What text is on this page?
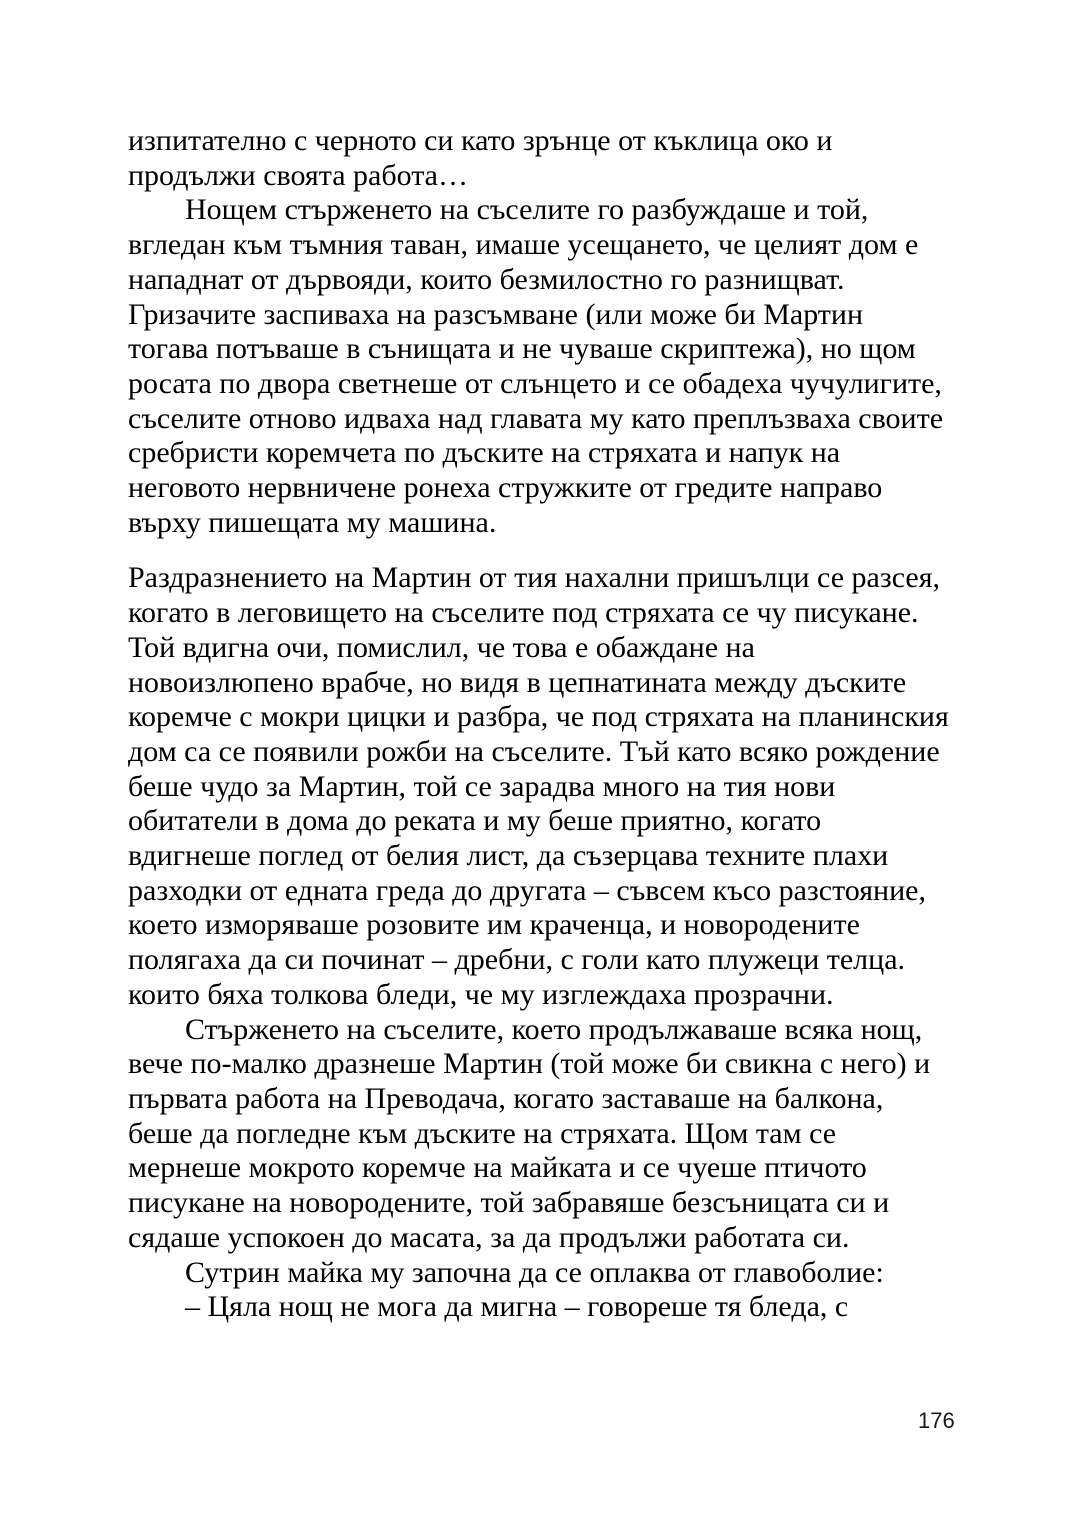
изпитателно с черното си като зрънце от къклица око и
продължи своята работа…
Нощем стърженето на съселите го разбуждаше и той,
вгледан към тъмния таван, имаше усещането, че целият дом е
нападнат от дървояди, които безмилостно го разнищват.
Гризачите заспиваха на разсъмване (или може би Мартин
тогава потъваше в сънищата и не чуваше скриптежа), но щом
росата по двора светнеше от слънцето и се обадеха чучулигите,
съселите отново идваха над главата му като преплъзваха своите
сребристи коремчета по дъските на стряхата и напук на
неговото нервничене ронеха стружките от гредите направо
върху пишещата му машина.
Раздразнението на Мартин от тия нахални пришълци се разсея,
когато в леговището на съселите под стряхата се чу писукане.
Той вдигна очи, помислил, че това е обаждане на
новоизлюпено врабче, но видя в цепнатината между дъските
коремче с мокри цицки и разбра, че под стряхата на планинския
дом са се появили рожби на съселите. Тъй като всяко рождение
беше чудо за Мартин, той се зарадва много на тия нови
обитатели в дома до реката и му беше приятно, когато
вдигнеше поглед от белия лист, да съзерцава техните плахи
разходки от едната греда до другата – съвсем късо разстояние,
което изморяваше розовите им краченца, и новородените
полягаха да си починат – дребни, с голи като плужеци телца.
които бяха толкова бледи, че му изглеждаха прозрачни.
Стърженето на съселите, което продължаваше всяка нощ,
вече по-малко дразнеше Мартин (той може би свикна с него) и
първата работа на Преводача, когато заставаше на балкона,
беше да погледне към дъските на стряхата. Щом там се
мернеше мокрото коремче на майката и се чуеше птичото
писукане на новородените, той забравяше безсъницата си и
сядаше успокоен до масата, за да продължи работата си.
Сутрин майка му започна да се оплаква от главоболие:
– Цяла нощ не мога да мигна – говореше тя бледа, с
176
